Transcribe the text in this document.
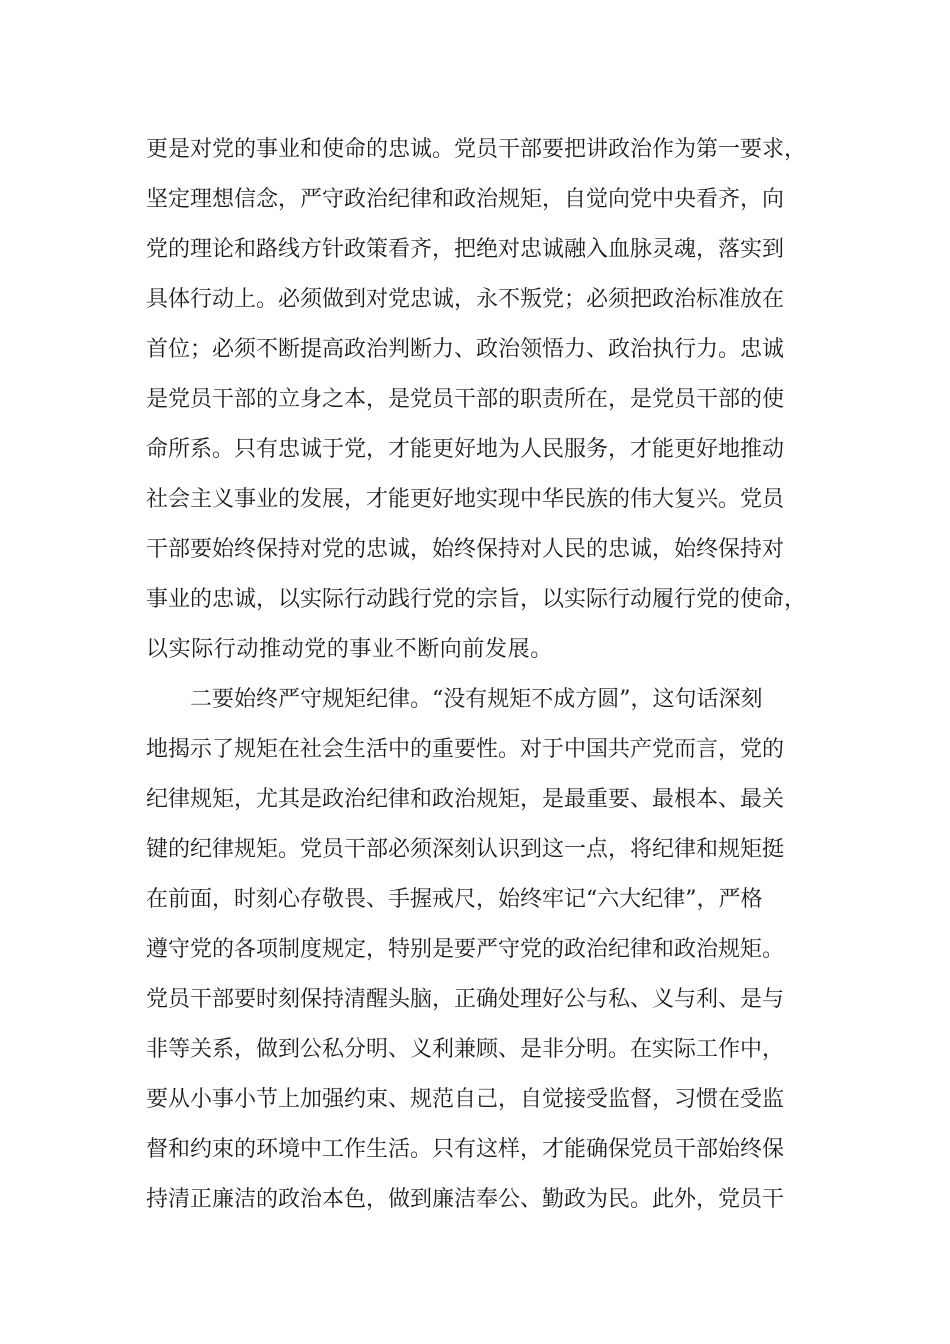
更是对党的事业和使命的忠诚。党员干部要把讲政治作为第一要求，
坚定理想信念，严守政治纪律和政治规矩，自觉向党中央看齐，向
党的理论和路线方针政策看齐，把绝对忠诚融入血脉灵魂，落实到
具体行动上。必须做到对党忠诚，永不叛党；必须把政治标准放在
首位；必须不断提高政治判断力、政治领悟力、政治执行力。忠诚
是党员干部的立身之本，是党员干部的职责所在，是党员干部的使
命所系。只有忠诚于党，才能更好地为人民服务，才能更好地推动
社会主义事业的发展，才能更好地实现中华民族的伟大复兴。党员
干部要始终保持对党的忠诚，始终保持对人民的忠诚，始终保持对
事业的忠诚，以实际行动践行党的宗旨，以实际行动履行党的使命，
以实际行动推动党的事业不断向前发展。
二要始终严守规矩纪律。“没有规矩不成方圆”，这句话深刻
地揭示了规矩在社会生活中的重要性。对于中国共产党而言，党的
纪律规矩，尤其是政治纪律和政治规矩，是最重要、最根本、最关
键的纪律规矩。党员干部必须深刻认识到这一点，将纪律和规矩挺
在前面，时刻心存敬畏、手握戒尺，始终牢记“六大纪律”，严格
遵守党的各项制度规定，特别是要严守党的政治纪律和政治规矩。
党员干部要时刻保持清醒头脑，正确处理好公与私、义与利、是与
非等关系，做到公私分明、义利兼顾、是非分明。在实际工作中，
要从小事小节上加强约束、规范自己，自觉接受监督，习惯在受监
督和约束的环境中工作生活。只有这样，才能确保党员干部始终保
持清正廉洁的政治本色，做到廉洁奉公、勤政为民。此外，党员干
